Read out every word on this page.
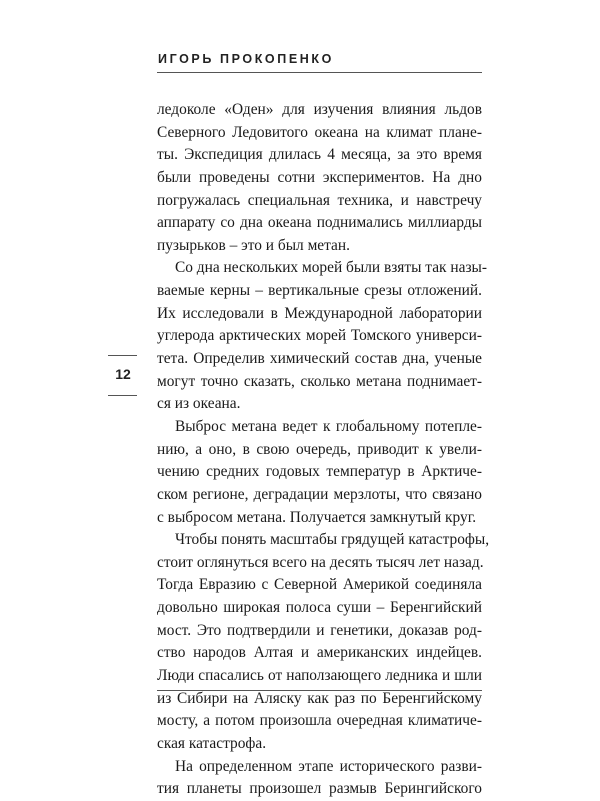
ИГОРЬ ПРОКОПЕНКО
12
ледоколе «Оден» для изучения влияния льдов
Северного Ледовитого океана на климат плане-
ты. Экспедиция длилась 4 месяца, за это время
были проведены сотни экспериментов. На дно
погружалась специальная техника, и навстречу
аппарату со дна океана поднимались миллиарды
пузырьков – это и был метан.
Со дна нескольких морей были взяты так назы-
ваемые керны – вертикальные срезы отложений.
Их исследовали в Международной лаборатории
углерода арктических морей Томского универси-
тета. Определив химический состав дна, ученые
могут точно сказать, сколько метана поднимает-
ся из океана.
Выброс метана ведет к глобальному потепле-
нию, а оно, в свою очередь, приводит к увели-
чению средних годовых температур в Арктиче-
ском регионе, деградации мерзлоты, что связано
с выбросом метана. Получается замкнутый круг.
Чтобы понять масштабы грядущей катастрофы,
стоит оглянуться всего на десять тысяч лет назад.
Тогда Евразию с Северной Америкой соединяла
довольно широкая полоса суши – Беренгийский
мост. Это подтвердили и генетики, доказав род-
ство народов Алтая и американских индейцев.
Люди спасались от наползающего ледника и шли
из Сибири на Аляску как раз по Беренгийскому
мосту, а потом произошла очередная климатиче-
ская катастрофа.
На определенном этапе исторического разви-
тия планеты произошел размыв Берингийского
